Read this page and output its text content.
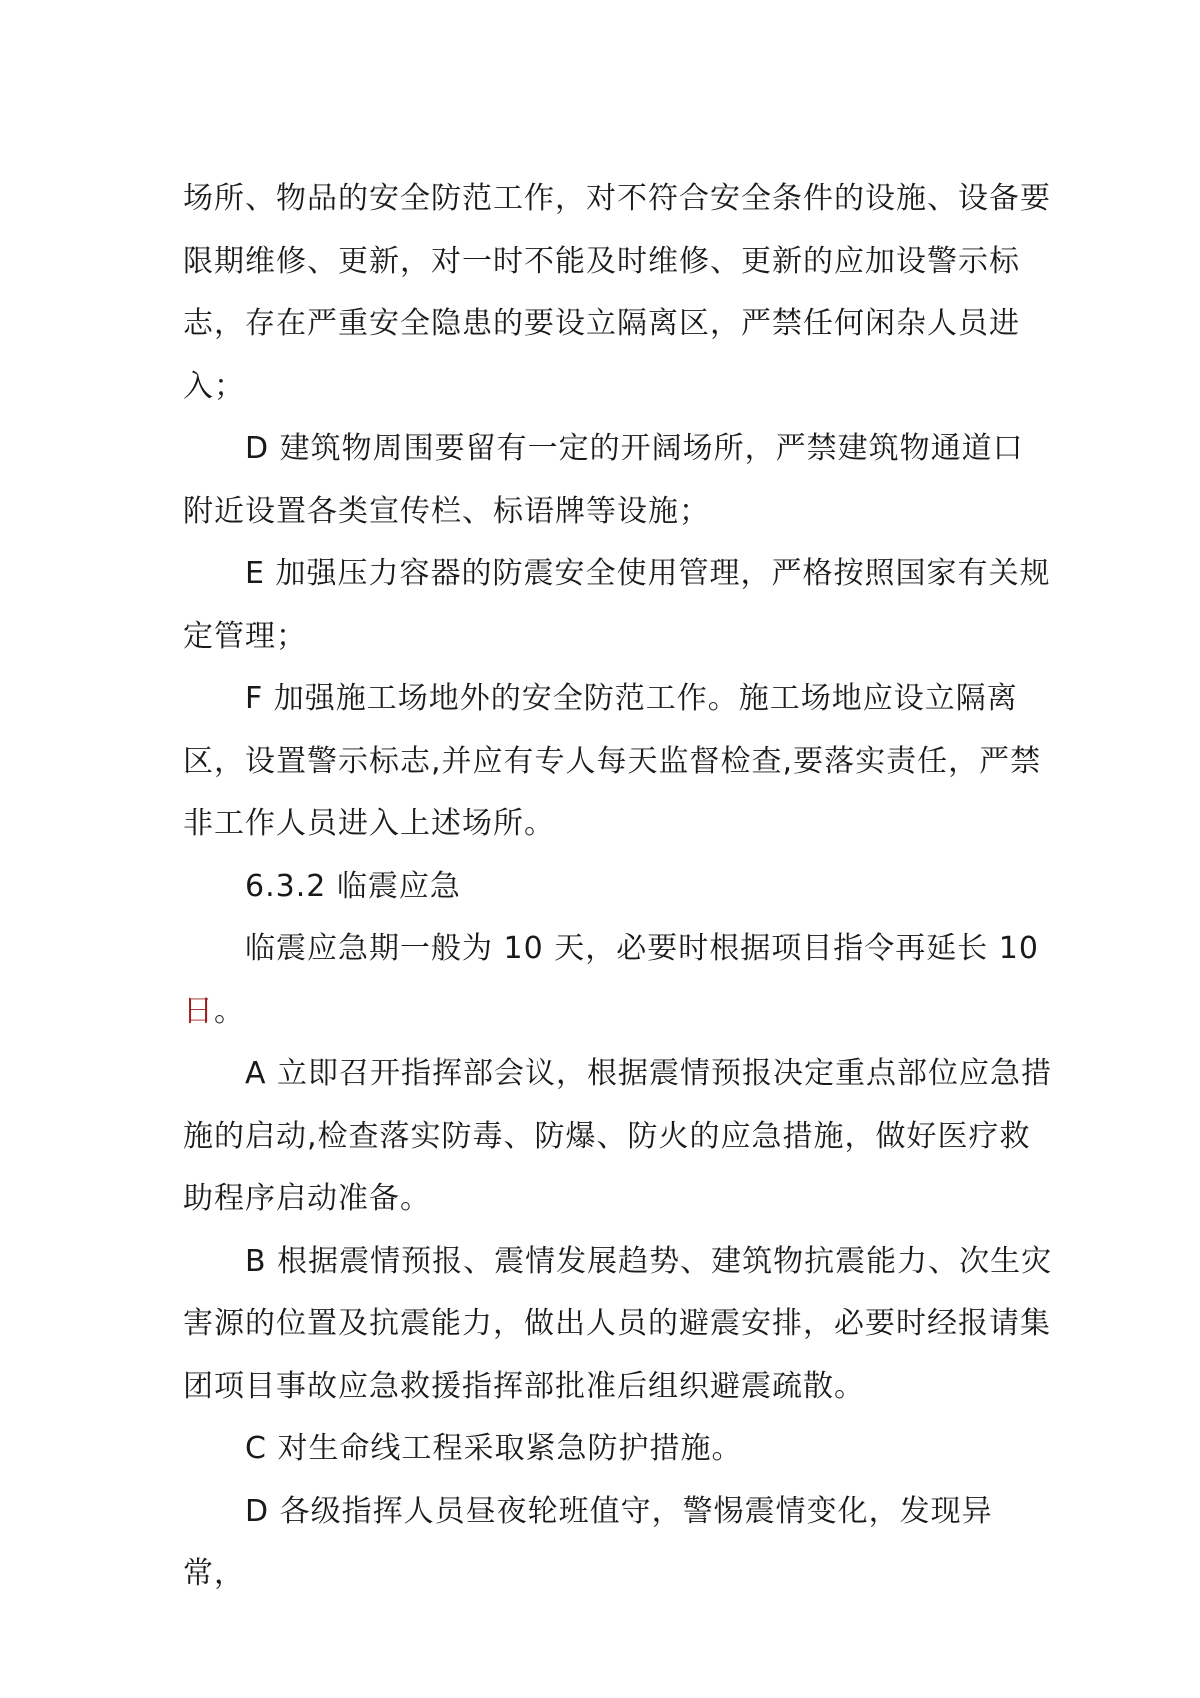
场所、物品的安全防范工作，对不符合安全条件的设施、设备要限期维修、更新，对一时不能及时维修、更新的应加设警示标志，存在严重安全隐患的要设立隔离区，严禁任何闲杂人员进入；

D 建筑物周围要留有一定的开阔场所，严禁建筑物通道口附近设置各类宣传栏、标语牌等设施；

E 加强压力容器的防震安全使用管理，严格按照国家有关规定管理；

F 加强施工场地外的安全防范工作。施工场地应设立隔离区，设置警示标志,并应有专人每天监督检查,要落实责任，严禁非工作人员进入上述场所。

6.3.2 临震应急

临震应急期一般为 10 天，必要时根据项目指令再延长 10日。

A 立即召开指挥部会议，根据震情预报决定重点部位应急措施的启动,检查落实防毒、防爆、防火的应急措施，做好医疗救助程序启动准备。

B 根据震情预报、震情发展趋势、建筑物抗震能力、次生灾害源的位置及抗震能力，做出人员的避震安排，必要时经报请集团项目事故应急救援指挥部批准后组织避震疏散。

C 对生命线工程采取紧急防护措施。

D 各级指挥人员昼夜轮班值守，警惕震情变化，发现异常，
